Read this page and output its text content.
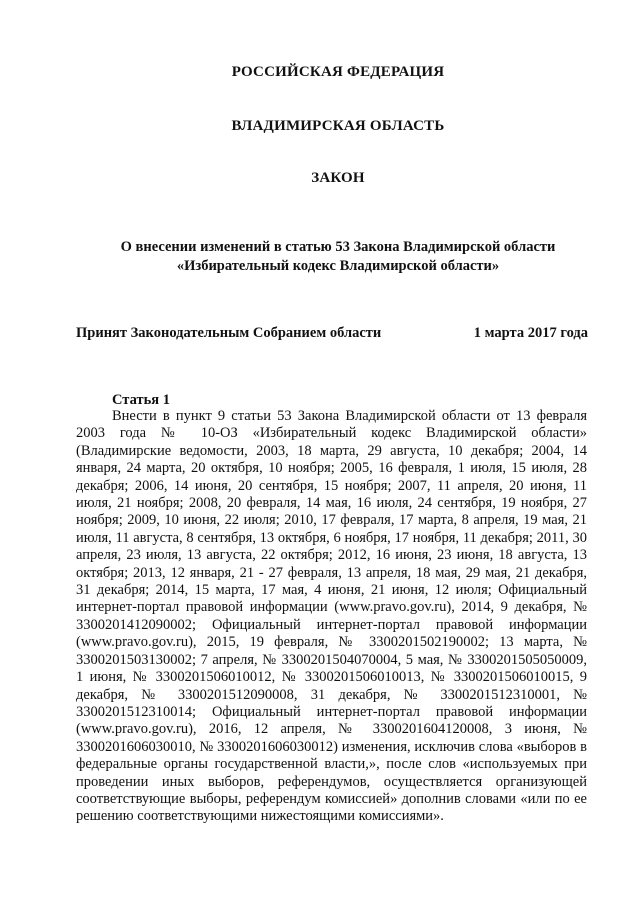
РОССИЙСКАЯ ФЕДЕРАЦИЯ
ВЛАДИМИРСКАЯ ОБЛАСТЬ
ЗАКОН
О внесении изменений в статью 53 Закона Владимирской области
«Избирательный кодекс Владимирской области»
Принят Законодательным Собранием области	1 марта 2017 года
Статья 1

Внести в пункт 9 статьи 53 Закона Владимирской области от 13 февраля 2003 года № 10-ОЗ «Избирательный кодекс Владимирской области» (Владимирские ведомости, 2003, 18 марта, 29 августа, 10 декабря; 2004, 14 января, 24 марта, 20 октября, 10 ноября; 2005, 16 февраля, 1 июля, 15 июля, 28 декабря; 2006, 14 июня, 20 сентября, 15 ноября; 2007, 11 апреля, 20 июня, 11 июля, 21 ноября; 2008, 20 февраля, 14 мая, 16 июля, 24 сентября, 19 ноября, 27 ноября; 2009, 10 июня, 22 июля; 2010, 17 февраля, 17 марта, 8 апреля, 19 мая, 21 июля, 11 августа, 8 сентября, 13 октября, 6 ноября, 17 ноября, 11 декабря; 2011, 30 апреля, 23 июля, 13 августа, 22 октября; 2012, 16 июня, 23 июня, 18 августа, 13 октября; 2013, 12 января, 21 - 27 февраля, 13 апреля, 18 мая, 29 мая, 21 декабря, 31 декабря; 2014, 15 марта, 17 мая, 4 июня, 21 июня, 12 июля; Официальный интернет-портал правовой информации (www.pravo.gov.ru), 2014, 9 декабря, № 3300201412090002; Официальный интернет-портал правовой информации (www.pravo.gov.ru), 2015, 19 февраля, № 3300201502190002; 13 марта, № 3300201503130002; 7 апреля, № 3300201504070004, 5 мая, № 3300201505050009, 1 июня, № 3300201506010012, № 3300201506010013, № 3300201506010015, 9 декабря, № 3300201512090008, 31 декабря, № 3300201512310001, № 3300201512310014; Официальный интернет-портал правовой информации (www.pravo.gov.ru), 2016, 12 апреля, № 3300201604120008, 3 июня, № 3300201606030010, № 3300201606030012) изменения, исключив слова «выборов в федеральные органы государственной власти,», после слов «используемых при проведении иных выборов, референдумов, осуществляется организующей соответствующие выборы, референдум комиссией» дополнив словами «или по ее решению соответствующими нижестоящими комиссиями».
